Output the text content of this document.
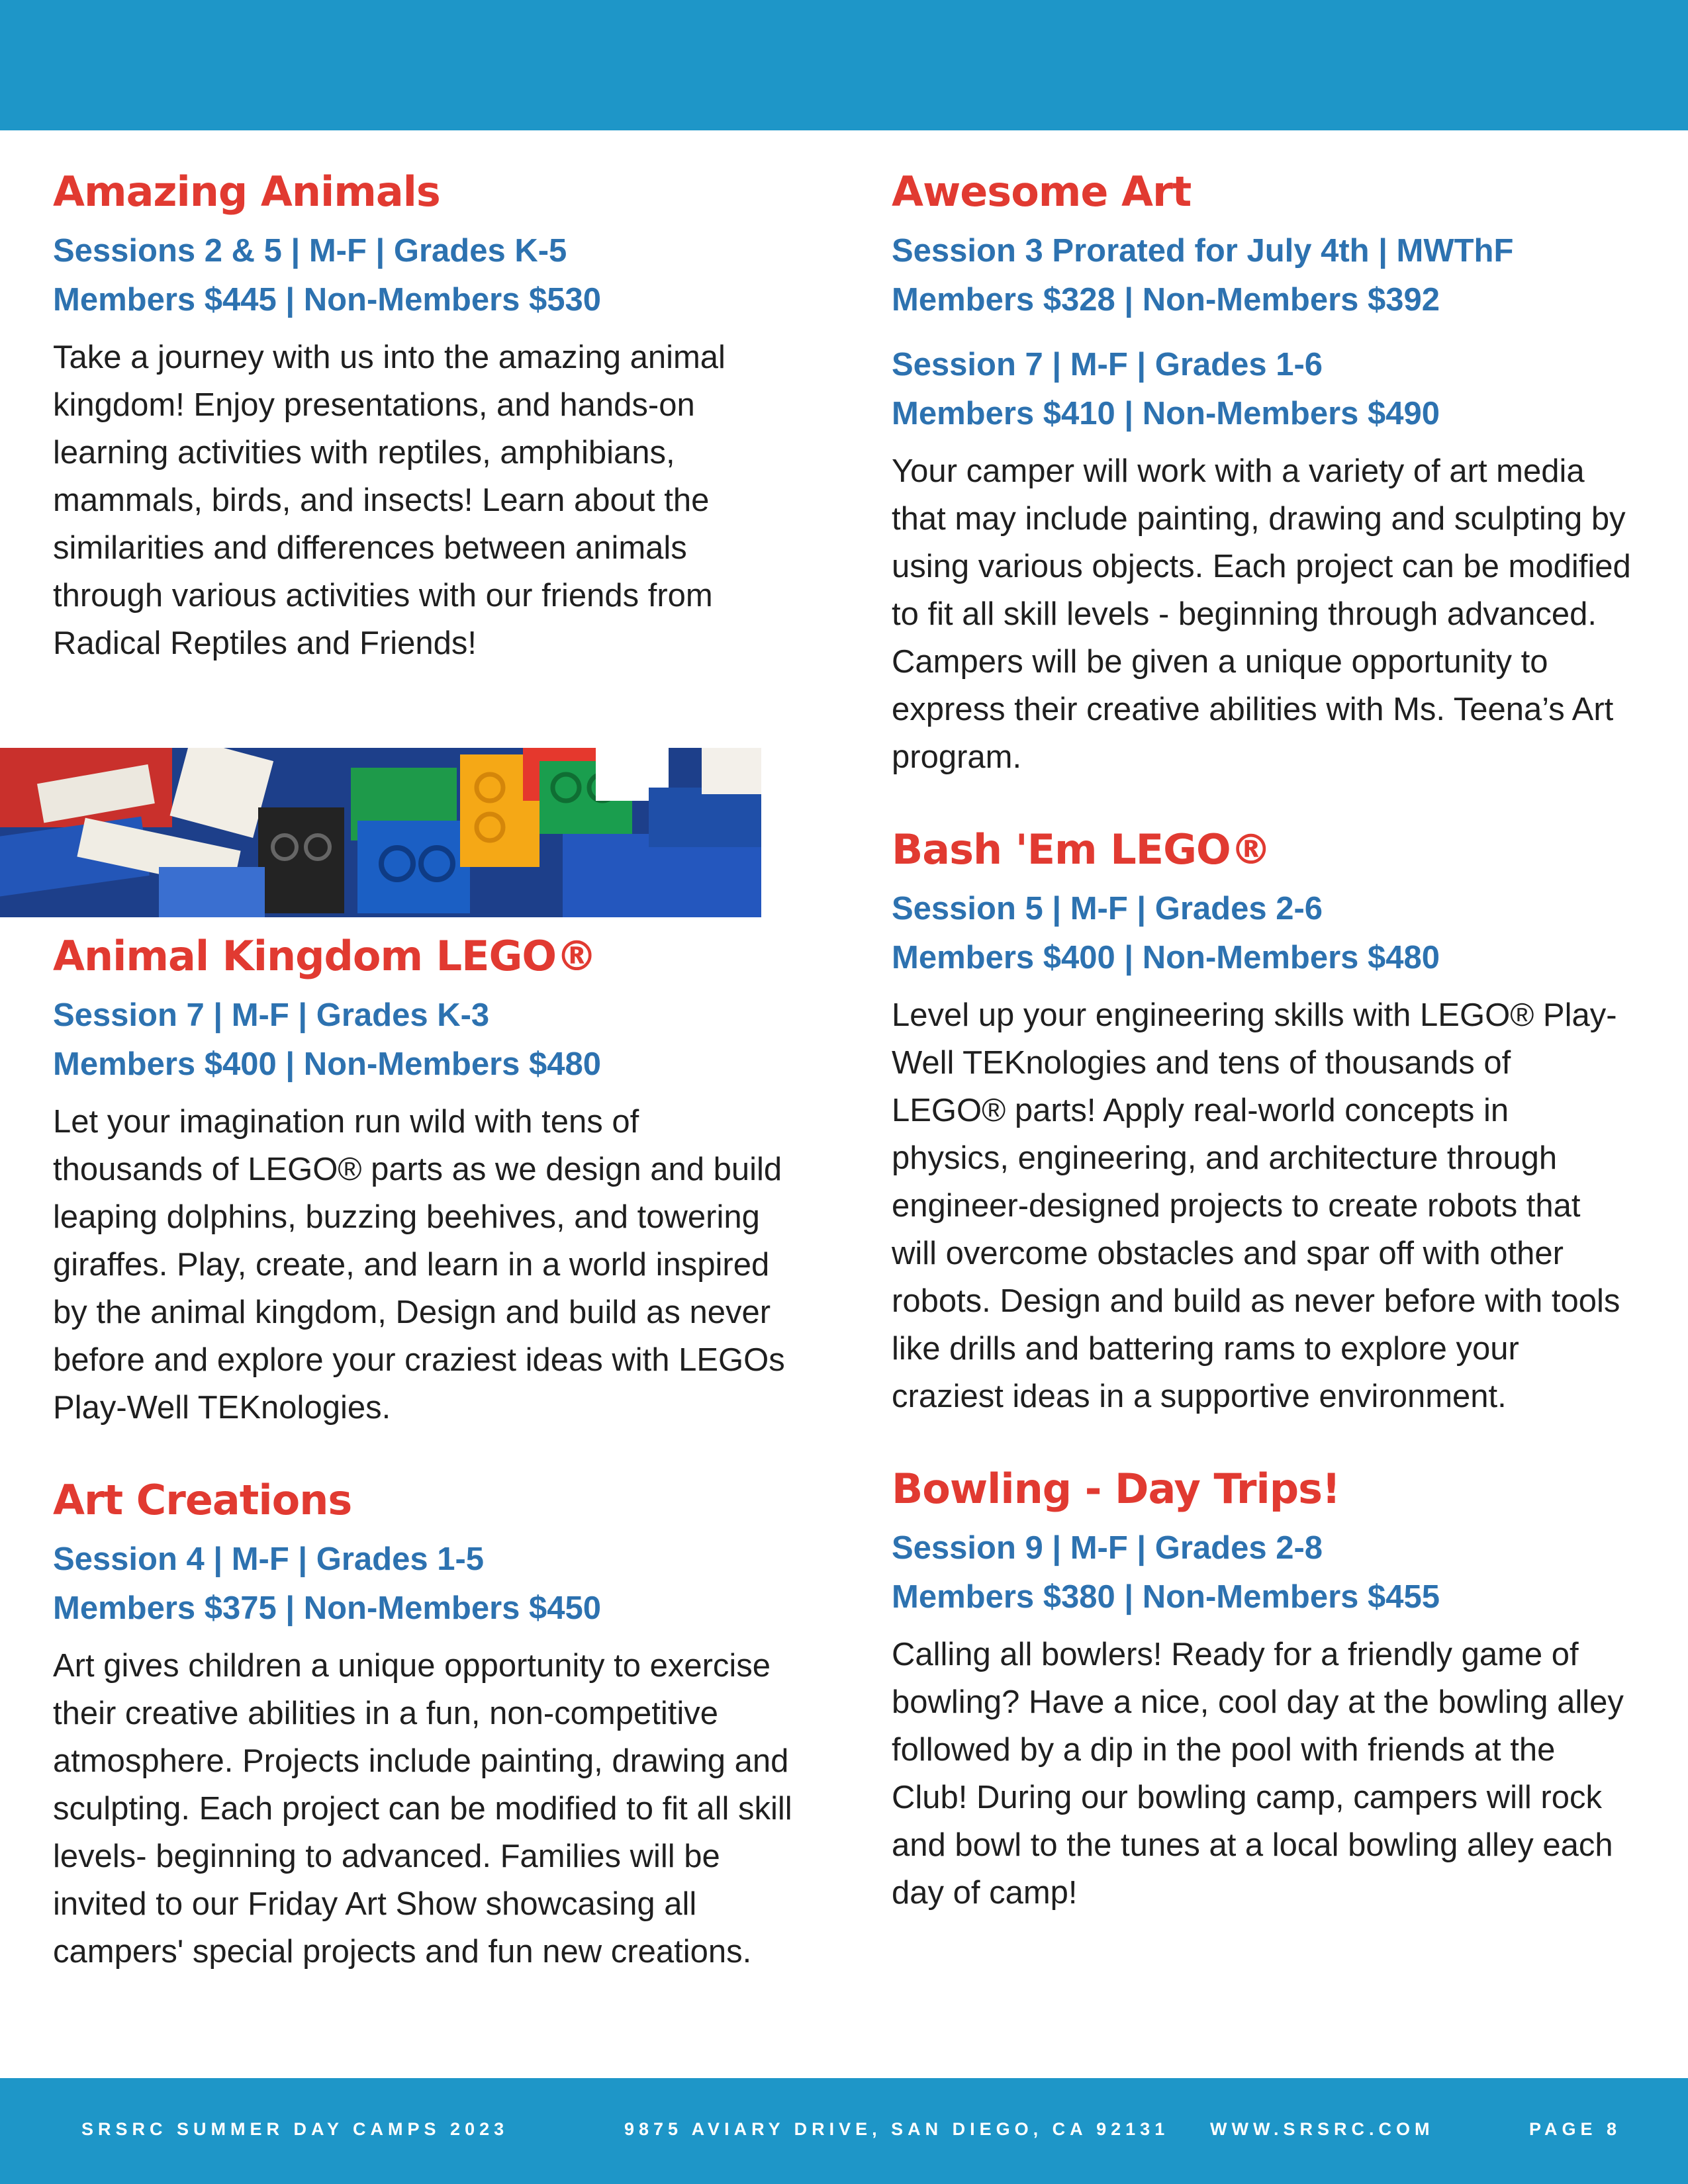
Amazing Animals
Sessions 2 & 5 | M-F | Grades K-5
Members $445 | Non-Members $530

Take a journey with us into the amazing animal kingdom! Enjoy presentations, and hands-on learning activities with reptiles, amphibians, mammals, birds, and insects! Learn about the similarities and differences between animals through various activities with our friends from Radical Reptiles and Friends!

Animal Kingdom LEGO®
Session 7 | M-F | Grades K-3
Members $400 | Non-Members $480

Let your imagination run wild with tens of thousands of LEGO® parts as we design and build leaping dolphins, buzzing beehives, and towering giraffes. Play, create, and learn in a world inspired by the animal kingdom, Design and build as never before and explore your craziest ideas with LEGOs Play-Well TEKnologies.

Art Creations
Session 4 | M-F | Grades 1-5
Members $375 | Non-Members $450

Art gives children a unique opportunity to exercise their creative abilities in a fun, non-competitive atmosphere. Projects include painting, drawing and sculpting. Each project can be modified to fit all skill levels- beginning to advanced. Families will be invited to our Friday Art Show showcasing all campers' special projects and fun new creations.

Awesome Art
Session 3 Prorated for July 4th | MWThF
Members $328 | Non-Members $392
Session 7 | M-F | Grades 1-6
Members $410 | Non-Members $490

Your camper will work with a variety of art media that may include painting, drawing and sculpting by using various objects. Each project can be modified to fit all skill levels - beginning through advanced. Campers will be given a unique opportunity to express their creative abilities with Ms. Teena’s Art program.

Bash 'Em LEGO®
Session 5 | M-F | Grades 2-6
Members $400 | Non-Members $480

Level up your engineering skills with LEGO® Play-Well TEKnologies and tens of thousands of LEGO® parts! Apply real-world concepts in physics, engineering, and architecture through engineer-designed projects to create robots that will overcome obstacles and spar off with other robots. Design and build as never before with tools like drills and battering rams to explore your craziest ideas in a supportive environment.

Bowling - Day Trips!
Session 9 | M-F | Grades 2-8
Members $380 | Non-Members $455

Calling all bowlers! Ready for a friendly game of bowling? Have a nice, cool day at the bowling alley followed by a dip in the pool with friends at the Club! During our bowling camp, campers will rock and bowl to the tunes at a local bowling alley each day of camp!

SRSRC SUMMER DAY CAMPS 2023	9875 AVIARY DRIVE, SAN DIEGO, CA 92131 WWW.SRSRC.COM	PAGE 8
